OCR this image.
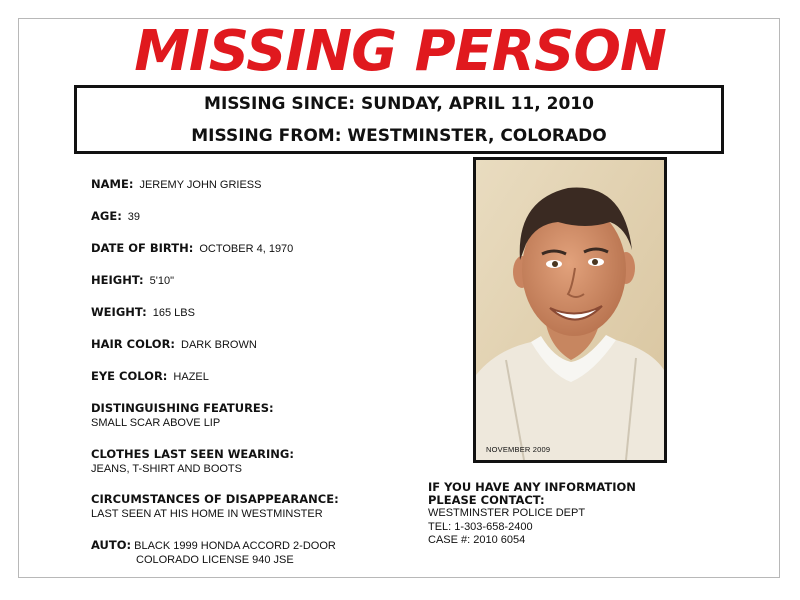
MISSING PERSON
MISSING SINCE: SUNDAY, APRIL 11, 2010
MISSING FROM: WESTMINSTER, COLORADO
NAME: JEREMY JOHN GRIESS
AGE: 39
DATE OF BIRTH: OCTOBER 4, 1970
HEIGHT: 5'10"
WEIGHT: 165 LBS
HAIR COLOR: DARK BROWN
EYE COLOR: HAZEL
DISTINGUISHING FEATURES:
SMALL SCAR ABOVE LIP
CLOTHES LAST SEEN WEARING:
JEANS, T-SHIRT AND BOOTS
CIRCUMSTANCES OF DISAPPEARANCE:
LAST SEEN AT HIS HOME IN WESTMINSTER
AUTO: BLACK 1999 HONDA ACCORD 2-DOOR
COLORADO LICENSE 940 JSE
NOVEMBER 2009
IF YOU HAVE ANY INFORMATION
PLEASE CONTACT:
WESTMINSTER POLICE DEPT
TEL: 1-303-658-2400
CASE #: 2010 6054
